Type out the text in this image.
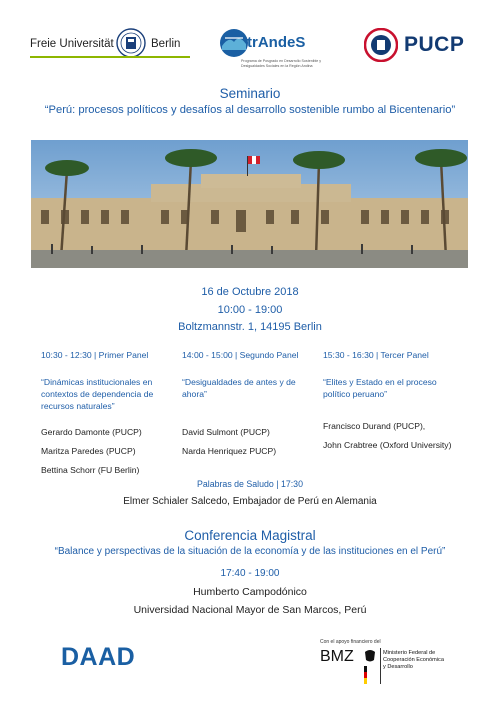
Freie Universität	Berlin	trAndeS
Programa de Posgrado en Desarrollo Sostenible y Desigualdades Sociales en la Región Andina
PUCP
Seminario
“Perú: procesos políticos y desafíos al desarrollo sostenible rumbo al Bicentenario”
16 de Octubre 2018
10:00 - 19:00
Boltzmannstr. 1, 14195 Berlin
10:30 - 12:30 | Primer Panel
“Dinámicas institucionales en
contextos de dependencia de
recursos naturales”
Gerardo Damonte (PUCP)
Maritza Paredes (PUCP)
Bettina Schorr (FU Berlin)
14:00 - 15:00 | Segundo Panel
“Desigualdades de antes y de
ahora”
David Sulmont (PUCP)
Narda Henriquez PUCP)
15:30 - 16:30 | Tercer Panel
“Elites y Estado en el proceso
político peruano”
Francisco Durand (PUCP),
John Crabtree (Oxford University)
Palabras de Saludo | 17:30
Elmer Schialer Salcedo, Embajador de Perú en Alemania
Conferencia Magistral
“Balance y perspectivas de la situación de la economía y de las instituciones en el Perú”
17:40 - 19:00
Humberto Campodónico
Universidad Nacional Mayor de San Marcos, Perú
DAAD
Con el apoyo financiero del
BMZ	Ministerio Federal de
Cooperación Económica
y Desarrollo
